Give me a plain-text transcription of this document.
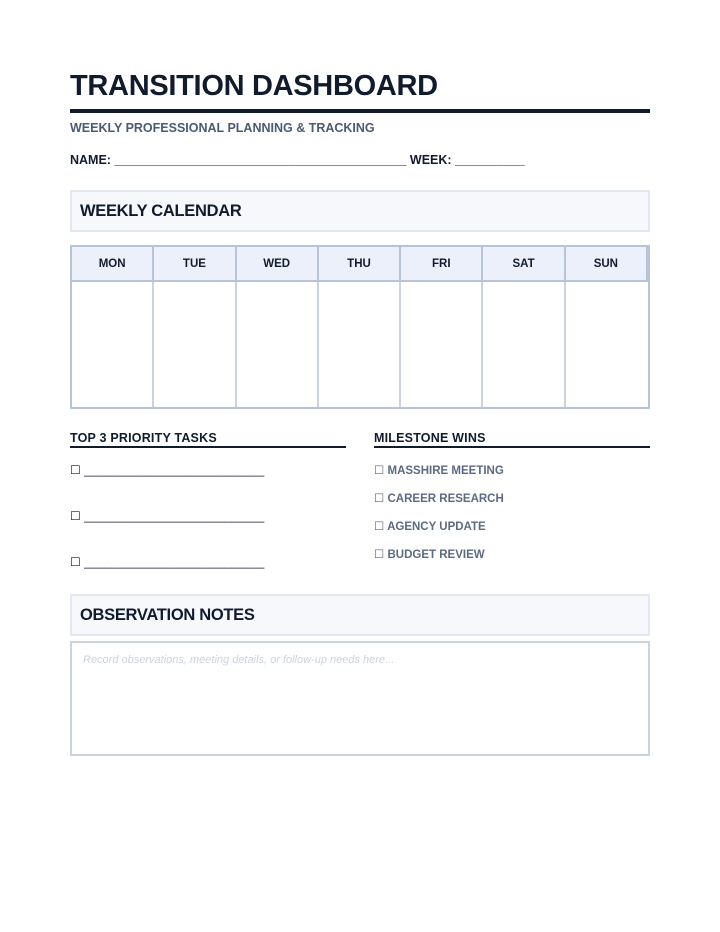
TRANSITION DASHBOARD
WEEKLY PROFESSIONAL PLANNING & TRACKING
NAME: __________________________________________ WEEK: __________
WEEKLY CALENDAR
MON	TUE	WED	THU	FRI	SAT	SUN
TOP 3 PRIORITY TASKS	MILESTONE WINS
☐ ___________________________
☐ ___________________________
☐ ___________________________
☐ MASSHIRE MEETING
☐ CAREER RESEARCH
☐ AGENCY UPDATE
☐ BUDGET REVIEW
OBSERVATION NOTES
Record observations, meeting details, or follow-up needs here...
